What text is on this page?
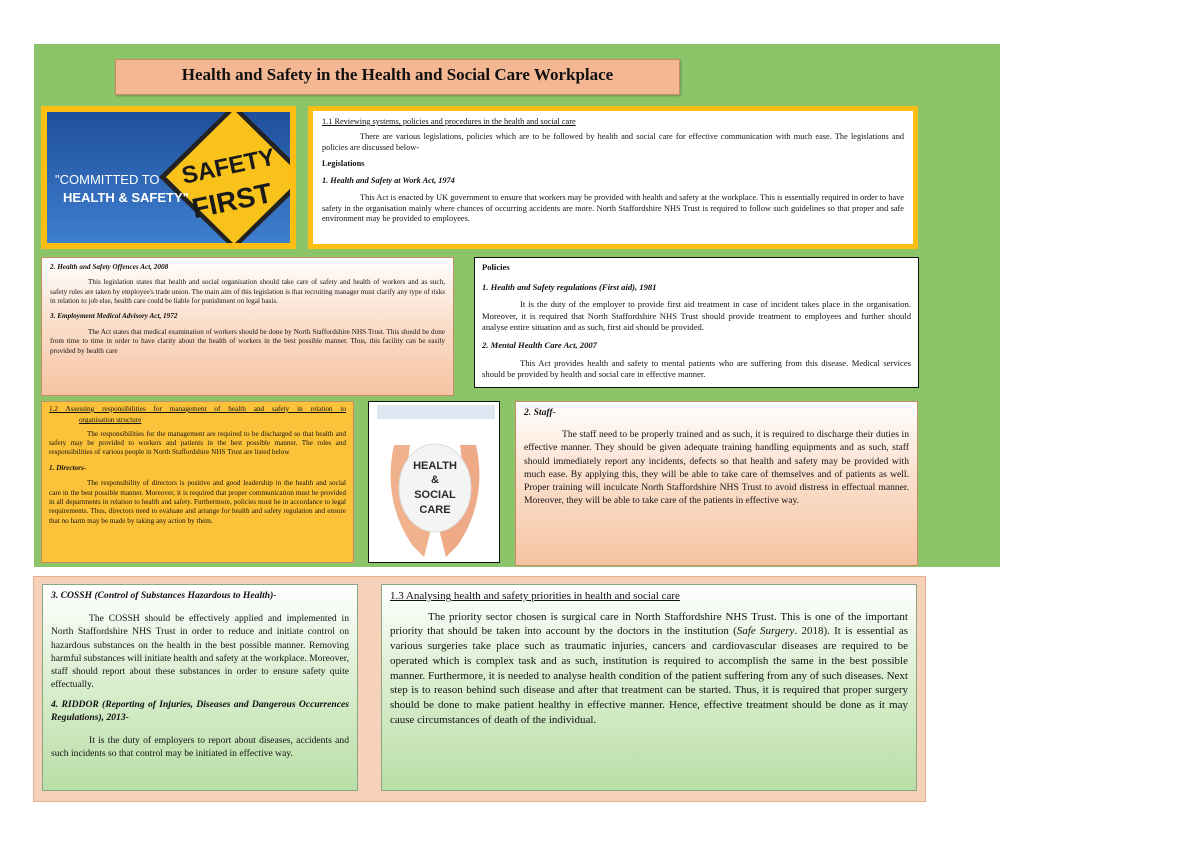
Health and Safety in the Health and Social Care Workplace
SAFETY
FIRST
"COMMITTED TO
HEALTH & SAFETY"

1.1 Reviewing systems, policies and procedures in the health and social care

There are various legislations, policies which are to be followed by health and social care for effective communication with much ease. The legislations and policies are discussed below-

Legislations

1. Health and Safety at Work Act, 1974

This Act is enacted by UK government to ensure that workers may be provided with health and safety at the workplace. This is essentially required in order to have safety in the organisation mainly where chances of occurring accidents are more. North Staffordshire NHS Trust is required to follow such guidelines so that proper and safe environment may be provided to employees.

2. Health and Safety Offences Act, 2008

This legislation states that health and social organisation should take care of safety and health of workers and as such, safety rules are taken by employee's trade union. The main aim of this legislation is that recruiting manager must clarify any type of risks in relation to job else, health care could be liable for punishment on legal basis.

3. Employment Medical Advisory Act, 1972

The Act states that medical examination of workers should be done by North Staffordshire NHS Trust. This should be done from time to time in order to have clarity about the health of workers in the best possible manner. Thus, this facility can be easily provided by health care

Policies

1. Health and Safety regulations (First aid), 1981

It is the duty of the employer to provide first aid treatment in case of incident takes place in the organisation. Moreover, it is required that North Staffordshire NHS Trust should provide treatment to employees and further should analyse entire situation and as such, first aid should be provided.

2. Mental Health Care Act, 2007

This Act provides health and safety to mental patients who are suffering from this disease. Medical services should be provided by health and social care in effective manner.

1.2 Assessing responsibilities for management of health and safety in relation to

organisation structure

The responsibilities for the management are required to be discharged so that health and safety may be provided to workers and patients in the best possible manner. The roles and responsibilities of various people in North Staffordshire NHS Trust are listed below

1. Directors-

The responsibility of directors is positive and good leadership in the health and social care in the best possible manner. Moreover, it is required that proper communication must be provided in all departments in relation to health and safety. Furthermore, policies must be in accordance to legal requirements. Thus, directors need to evaluate and arrange for health and safety regulation and ensure that no harm may be made by taking any action by them.

HEALTH
&
SOCIAL
CARE

2. Staff-

The staff need to be properly trained and as such, it is required to discharge their duties in effective manner. They should be given adequate training handling equipments and as such, staff should immediately report any incidents, defects so that health and safety may be provided with much ease. By applying this, they will be able to take care of themselves and of patients as well. Proper training will inculcate North Staffordshire NHS Trust to avoid distress in effectual manner. Moreover, they will be able to take care of the patients in effective way.

3. COSSH (Control of Substances Hazardous to Health)-

The COSSH should be effectively applied and implemented in North Staffordshire NHS Trust in order to reduce and initiate control on hazardous substances on the health in the best possible manner. Removing harmful substances will initiate health and safety at the workplace. Moreover, staff should report about these substances in order to ensure safety quite effectually.

4. RIDDOR (Reporting of Injuries, Diseases and Dangerous Occurrences Regulations), 2013-

It is the duty of employers to report about diseases, accidents and such incidents so that control may be initiated in effective way.

1.3 Analysing health and safety priorities in health and social care

The priority sector chosen is surgical care in North Staffordshire NHS Trust. This is one of the important priority that should be taken into account by the doctors in the institution (Safe Surgery. 2018). It is essential as various surgeries take place such as traumatic injuries, cancers and cardiovascular diseases are required to be operated which is complex task and as such, institution is required to accomplish the same in the best possible manner. Furthermore, it is needed to analyse health condition of the patient suffering from any of such diseases. Next step is to reason behind such disease and after that treatment can be started. Thus, it is required that proper surgery should be done to make patient healthy in effective manner. Hence, effective treatment should be done as it may cause circumstances of death of the individual.
